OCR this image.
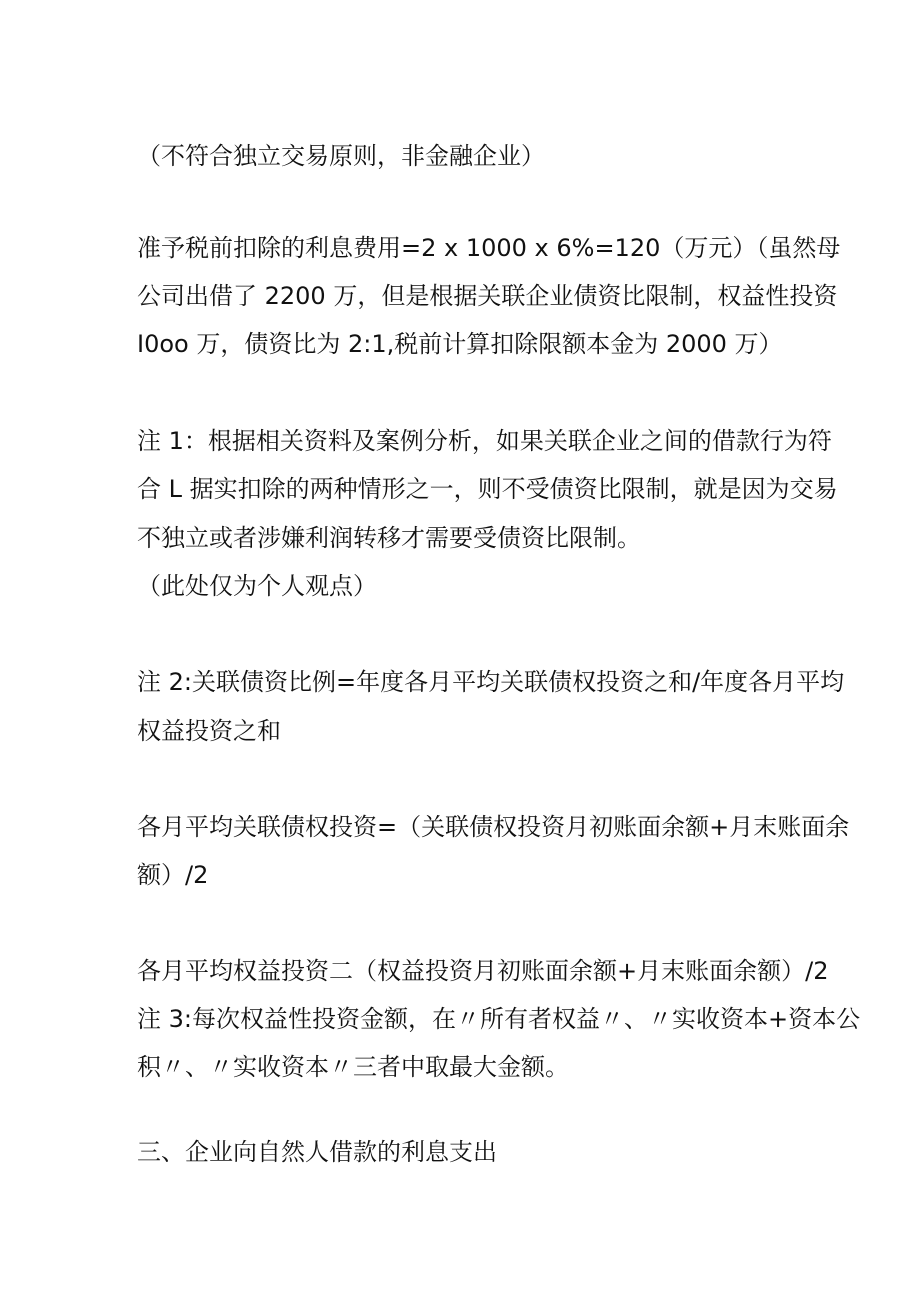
（不符合独立交易原则，非金融企业）
准予税前扣除的利息费用=2 x 1000 x 6%=120（万元）（虽然母
公司出借了 2200 万，但是根据关联企业债资比限制，权益性投资
I0oo 万，债资比为 2:1,税前计算扣除限额本金为 2000 万）
注 1：根据相关资料及案例分析，如果关联企业之间的借款行为符
合 L 据实扣除的两种情形之一，则不受债资比限制，就是因为交易
不独立或者涉嫌利润转移才需要受债资比限制。
（此处仅为个人观点）
注 2:关联债资比例=年度各月平均关联债权投资之和/年度各月平均
权益投资之和
各月平均关联债权投资=（关联债权投资月初账面余额+月末账面余
额）/2
各月平均权益投资二（权益投资月初账面余额+月末账面余额）/2
注 3:每次权益性投资金额，在〃所有者权益〃、〃实收资本+资本公
积〃、〃实收资本〃三者中取最大金额。
三、企业向自然人借款的利息支出
